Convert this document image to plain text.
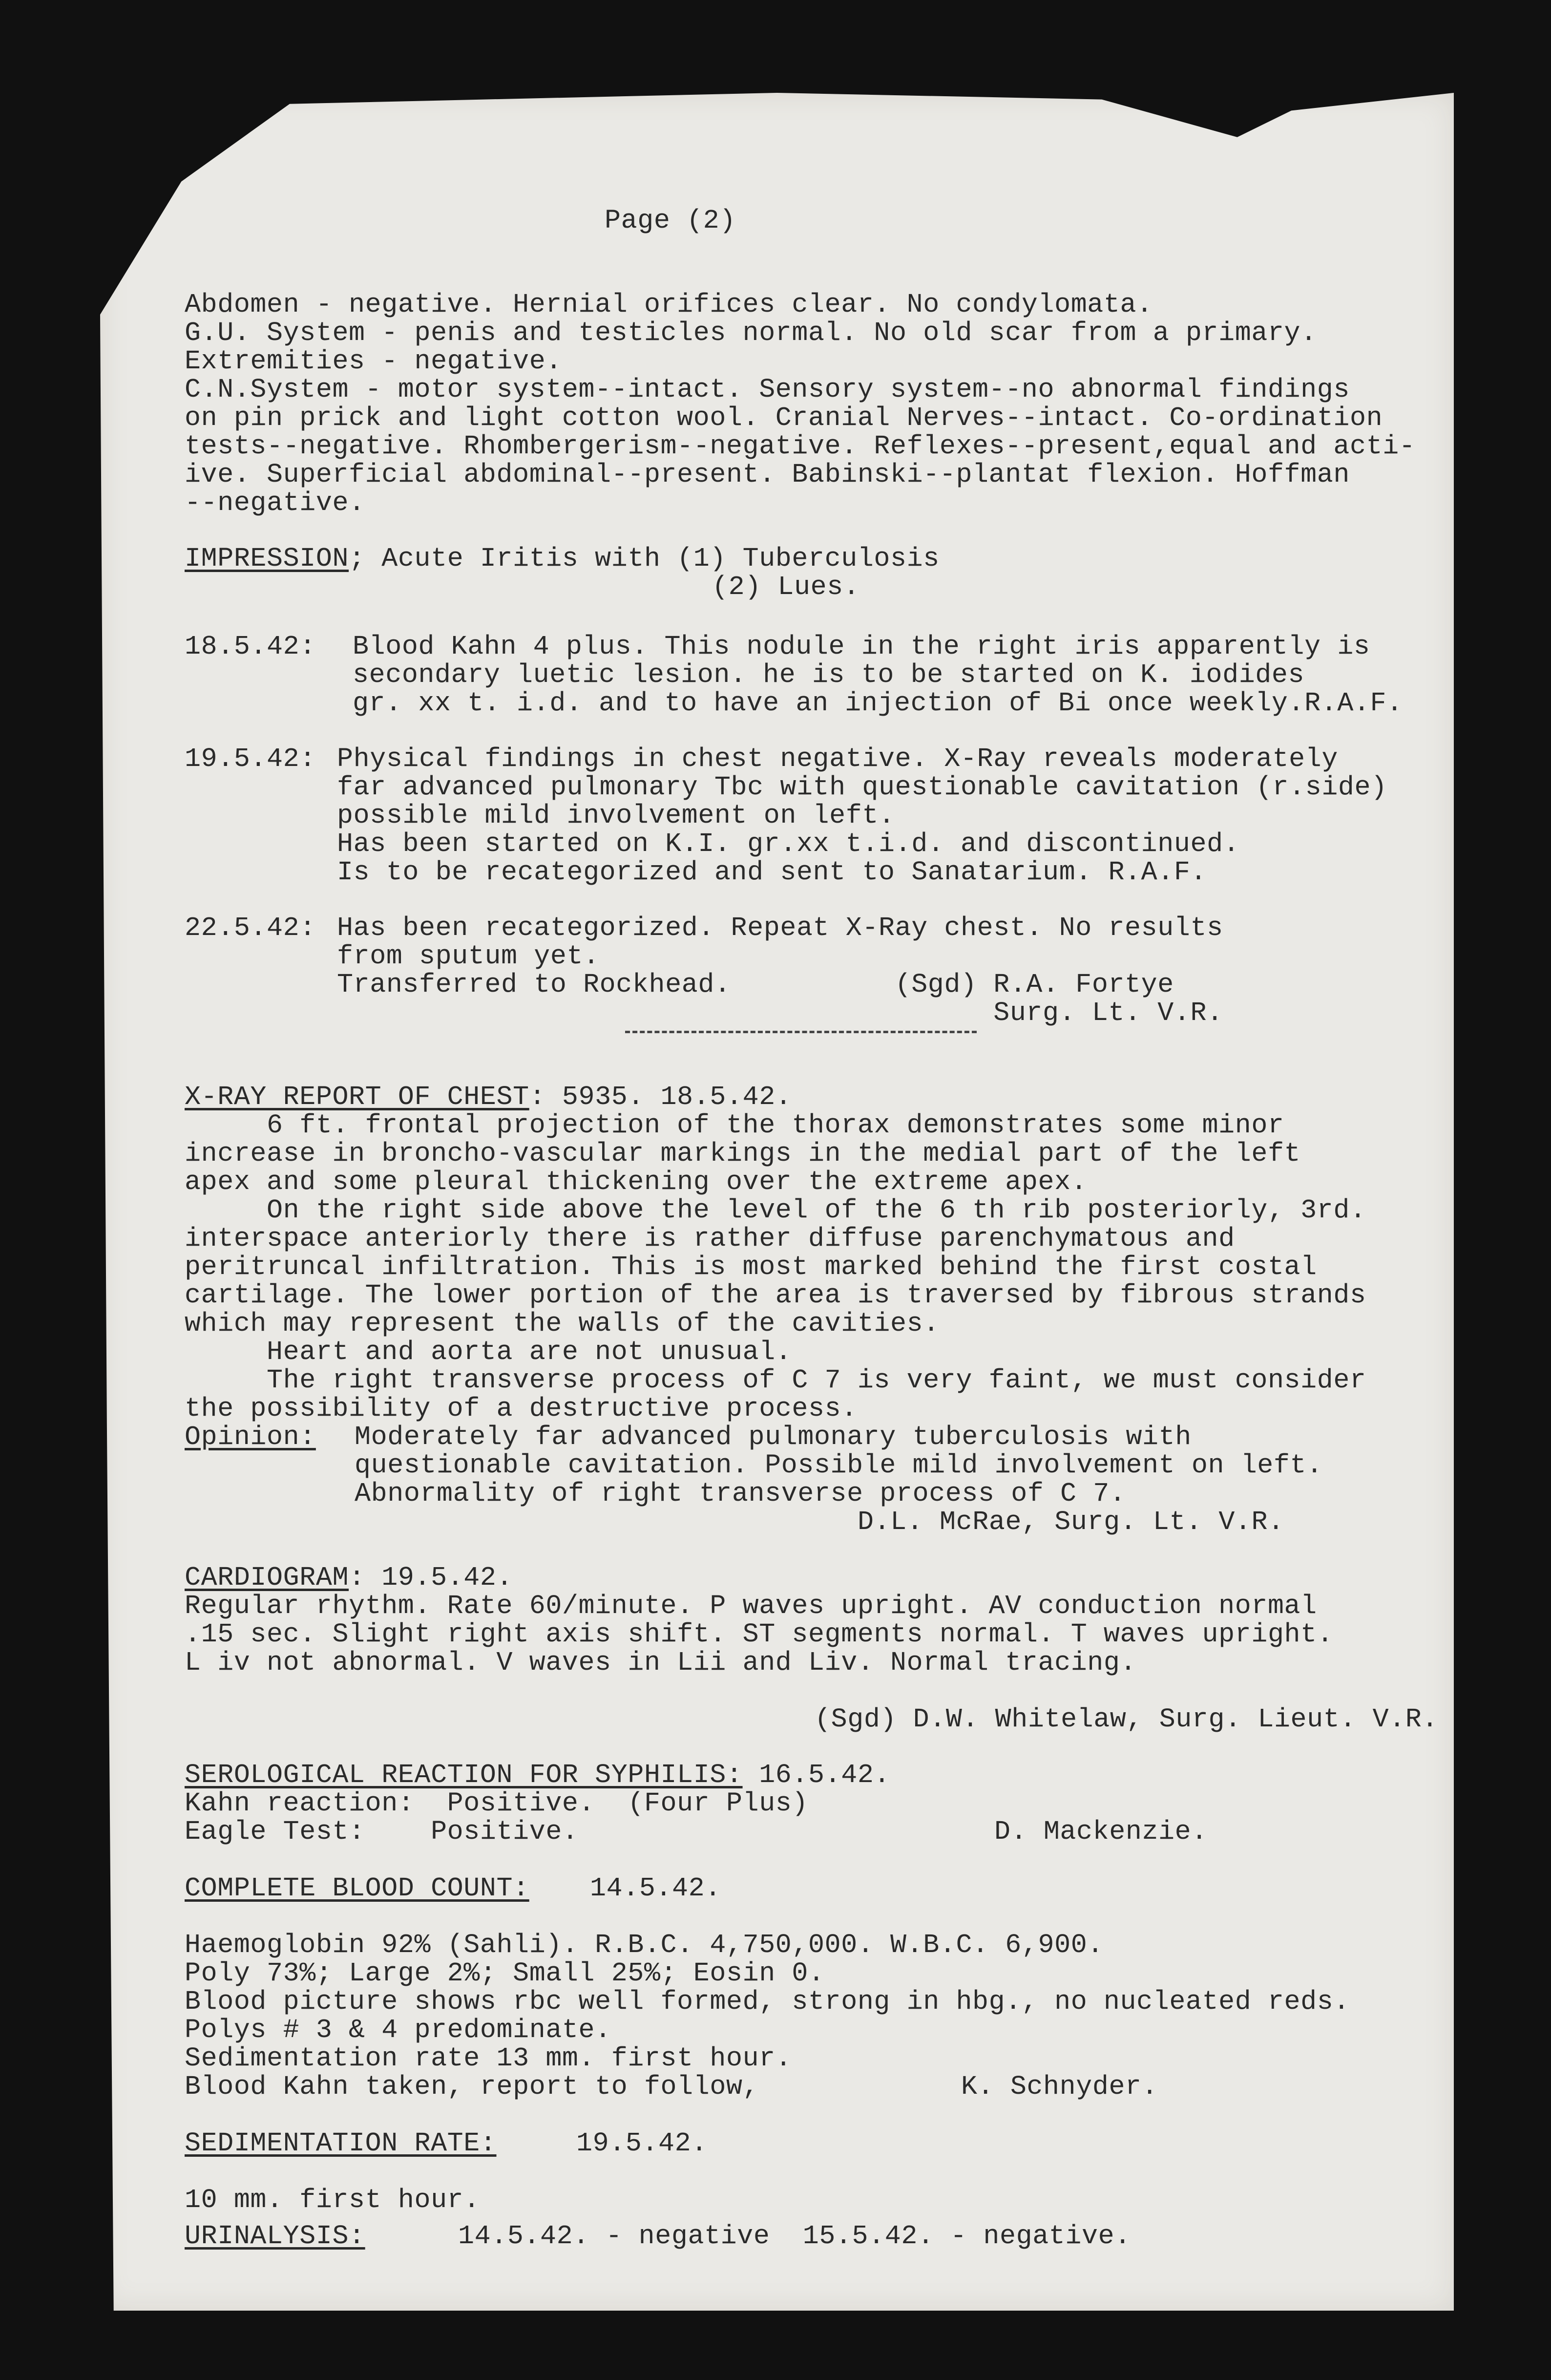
Page (2)
Abdomen - negative. Hernial orifices clear. No condylomata.
G.U. System - penis and testicles normal. No old scar from a primary.
Extremities - negative.
C.N.System - motor system--intact. Sensory system--no abnormal findings
on pin prick and light cotton wool. Cranial Nerves--intact. Co-ordination
tests--negative. Rhombergerism--negative. Reflexes--present,equal and acti-
ive. Superficial abdominal--present. Babinski--plantat flexion. Hoffman
--negative.
IMPRESSION; Acute Iritis with (1) Tuberculosis
(2) Lues.
18.5.42: Blood Kahn 4 plus. This nodule in the right iris apparently is
secondary luetic lesion. he is to be started on K. iodides
gr. xx t. i.d. and to have an injection of Bi once weekly.R.A.F.
19.5.42: Physical findings in chest negative. X-Ray reveals moderately
far advanced pulmonary Tbc with questionable cavitation (r.side)
possible mild involvement on left.
Has been started on K.I. gr.xx t.i.d. and discontinued.
Is to be recategorized and sent to Sanatarium. R.A.F.
22.5.42: Has been recategorized. Repeat X-Ray chest. No results
from sputum yet.
Transferred to Rockhead.          (Sgd) R.A. Fortye
Surg. Lt. V.R.
X-RAY REPORT OF CHEST: 5935. 18.5.42.
6 ft. frontal projection of the thorax demonstrates some minor
increase in broncho-vascular markings in the medial part of the left
apex and some pleural thickening over the extreme apex.
On the right side above the level of the 6 th rib posteriorly, 3rd.
interspace anteriorly there is rather diffuse parenchymatous and
peritruncal infiltration. This is most marked behind the first costal
cartilage. The lower portion of the area is traversed by fibrous strands
which may represent the walls of the cavities.
Heart and aorta are not unusual.
The right transverse process of C 7 is very faint, we must consider
the possibility of a destructive process.
Opinion: Moderately far advanced pulmonary tuberculosis with
questionable cavitation. Possible mild involvement on left.
Abnormality of right transverse process of C 7.
D.L. McRae, Surg. Lt. V.R.
CARDIOGRAM: 19.5.42.
Regular rhythm. Rate 60/minute. P waves upright. AV conduction normal
.15 sec. Slight right axis shift. ST segments normal. T waves upright.
L iv not abnormal. V waves in Lii and Liv. Normal tracing.
(Sgd) D.W. Whitelaw, Surg. Lieut. V.R.
SEROLOGICAL REACTION FOR SYPHILIS: 16.5.42.
Kahn reaction:  Positive.  (Four Plus)
Eagle Test:    Positive.	D. Mackenzie.
COMPLETE BLOOD COUNT: 14.5.42.
Haemoglobin 92% (Sahli). R.B.C. 4,750,000. W.B.C. 6,900.
Poly 73%; Large 2%; Small 25%; Eosin 0.
Blood picture shows rbc well formed, strong in hbg., no nucleated reds.
Polys # 3 & 4 predominate.
Sedimentation rate 13 mm. first hour.
Blood Kahn taken, report to follow,	K. Schnyder.
SEDIMENTATION RATE:	19.5.42.
10 mm. first hour.
URINALYSIS:	14.5.42. - negative  15.5.42. - negative.
